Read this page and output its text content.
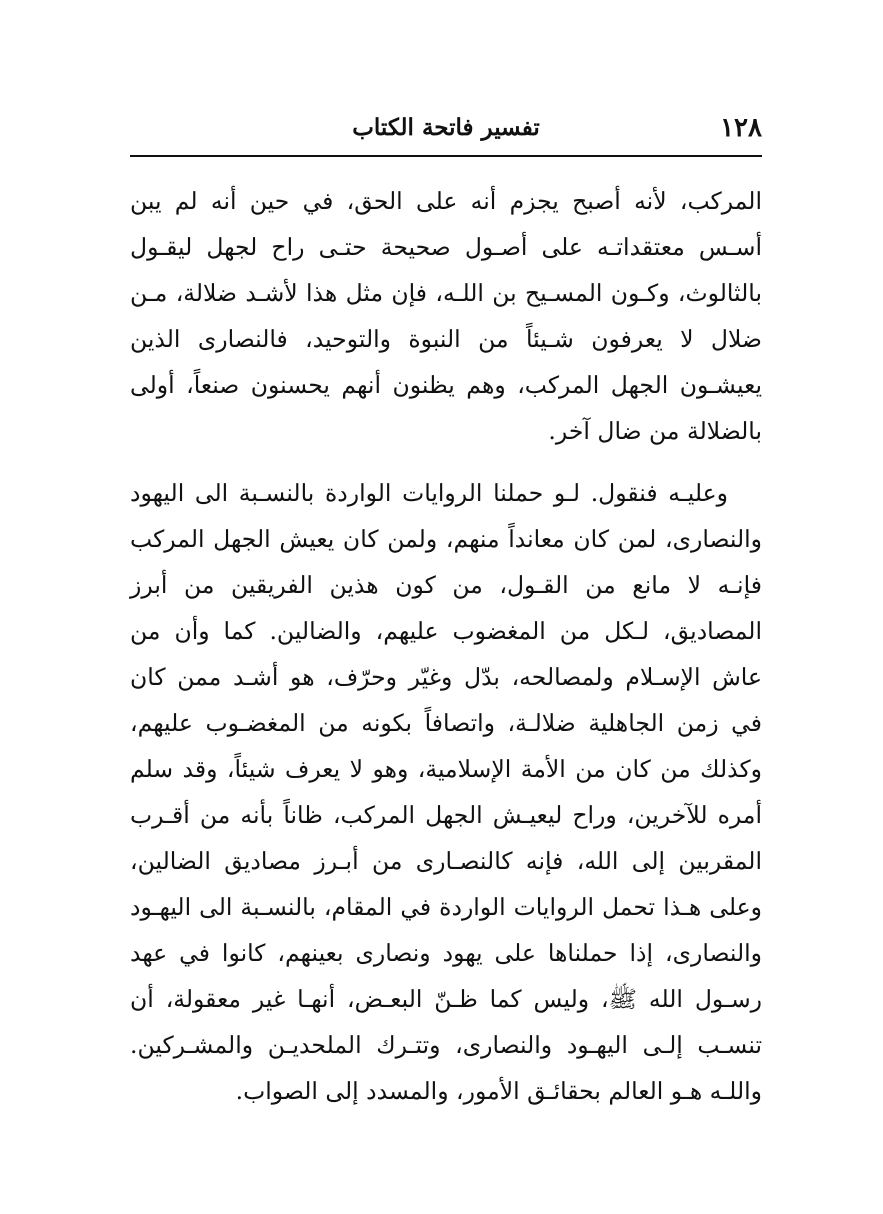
١٢٨
تفسير فاتحة الكتاب

المركب، لأنه أصبح يجزم أنه على الحق، في حين أنه لم يبن أسـس معتقداتـه على أصـول صحيحة حتـى راح لجهل ليقـول بالثالوث، وكـون المسـيح بن اللـه، فإن مثل هذا لأشـد ضلالة، مـن ضلال لا يعرفون شـيئاً من النبوة والتوحيد، فالنصارى الذين يعيشـون الجهل المركب، وهم يظنون أنهم يحسنون صنعاً، أولى بالضلالة من ضال آخر.

وعليـه فنقول. لـو حملنا الروايات الواردة بالنسـبة الى اليهود والنصارى، لمن كان معانداً منهم، ولمن كان يعيش الجهل المركب فإنـه لا مانع من القـول، من كون هذين الفريقين من أبرز المصاديق، لـكل من المغضوب عليهم، والضالين. كما وأن من عاش الإسـلام ولمصالحه، بدّل وغيّر وحرّف، هو أشـد ممن كان في زمن الجاهلية ضلالـة، واتصافاً بكونه من المغضـوب عليهم، وكذلك من كان من الأمة الإسلامية، وهو لا يعرف شيئاً، وقد سلم أمره للآخرين، وراح ليعيـش الجهل المركب، ظاناً بأنه من أقـرب المقربين إلى الله، فإنه كالنصـارى من أبـرز مصاديق الضالين، وعلى هـذا تحمل الروايات الواردة في المقام، بالنسـبة الى اليهـود والنصارى، إذا حملناها على يهود ونصارى بعينهم، كانوا في عهد رسـول الله ﷺ، وليس كما ظـنّ البعـض، أنهـا غير معقولة، أن تنسـب إلـى اليهـود والنصارى، وتتـرك الملحديـن والمشـركين. واللـه هـو العالم بحقائـق الأمور، والمسدد إلى الصواب.
